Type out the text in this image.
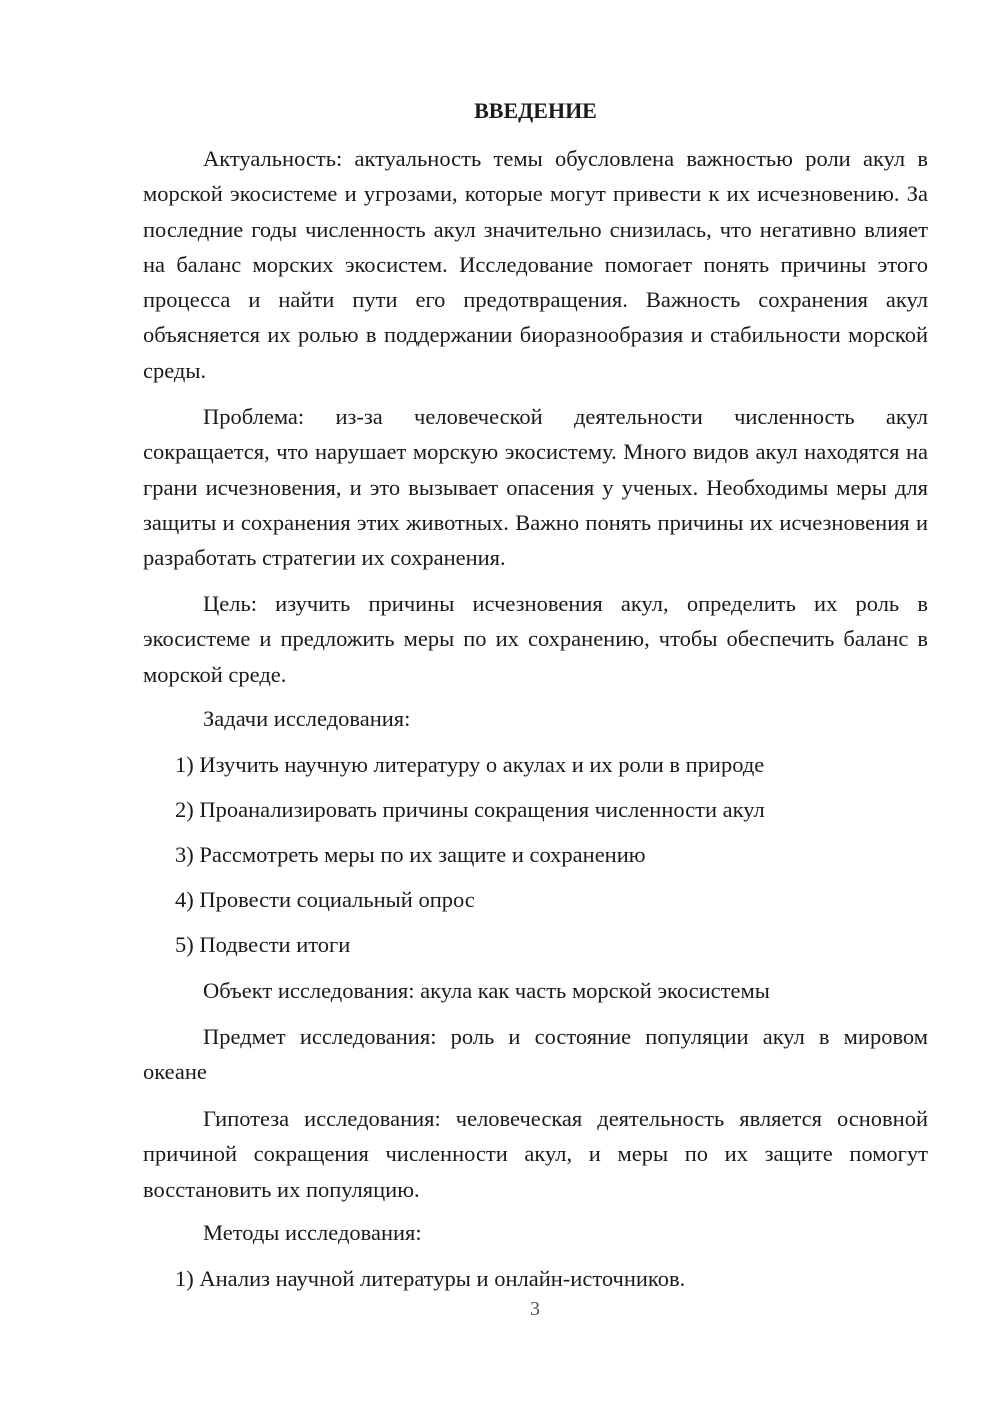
ВВЕДЕНИЕ

Актуальность: актуальность темы обусловлена важностью роли акул в морской экосистеме и угрозами, которые могут привести к их исчезновению. За последние годы численность акул значительно снизилась, что негативно влияет на баланс морских экосистем. Исследование помогает понять причины этого процесса и найти пути его предотвращения. Важность сохранения акул объясняется их ролью в поддержании биоразнообразия и стабильности морской среды.

Проблема: из-за человеческой деятельности численность акул сокращается, что нарушает морскую экосистему. Много видов акул находятся на грани исчезновения, и это вызывает опасения у ученых. Необходимы меры для защиты и сохранения этих животных. Важно понять причины их исчезновения и разработать стратегии их сохранения.

Цель: изучить причины исчезновения акул, определить их роль в экосистеме и предложить меры по их сохранению, чтобы обеспечить баланс в морской среде.

Задачи исследования:

1) Изучить научную литературу о акулах и их роли в природе

2) Проанализировать причины сокращения численности акул

3) Рассмотреть меры по их защите и сохранению

4) Провести социальный опрос

5) Подвести итоги

Объект исследования: акула как часть морской экосистемы

Предмет исследования: роль и состояние популяции акул в мировом океане

Гипотеза исследования: человеческая деятельность является основной причиной сокращения численности акул, и меры по их защите помогут восстановить их популяцию.

Методы исследования:

1) Анализ научной литературы и онлайн-источников.

3
